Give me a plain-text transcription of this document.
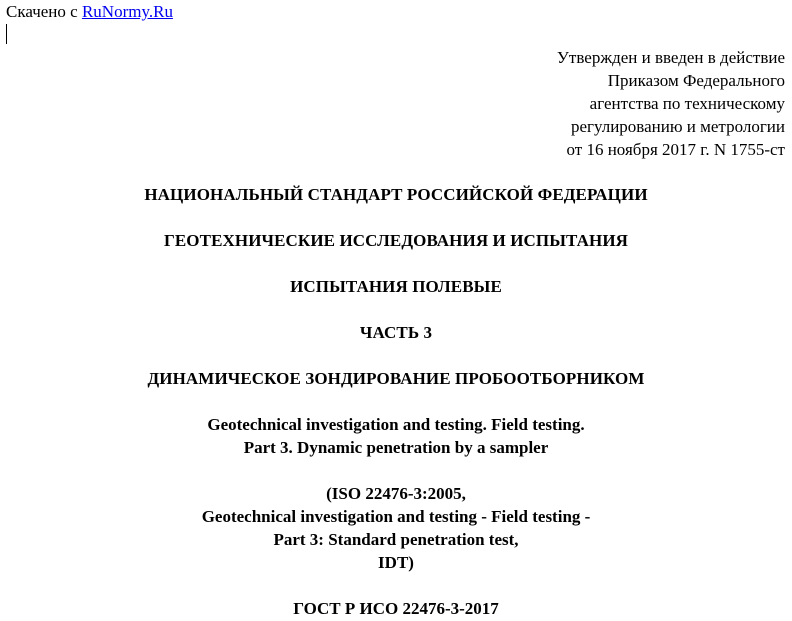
Скачено с RuNormy.Ru
Утвержден и введен в действие
Приказом Федерального
агентства по техническому
регулированию и метрологии
от 16 ноября 2017 г. N 1755-ст
НАЦИОНАЛЬНЫЙ СТАНДАРТ РОССИЙСКОЙ ФЕДЕРАЦИИ
ГЕОТЕХНИЧЕСКИЕ ИССЛЕДОВАНИЯ И ИСПЫТАНИЯ
ИСПЫТАНИЯ ПОЛЕВЫЕ
ЧАСТЬ 3
ДИНАМИЧЕСКОЕ ЗОНДИРОВАНИЕ ПРОБООТБОРНИКОМ
Geotechnical investigation and testing. Field testing.
Part 3. Dynamic penetration by a sampler
(ISO 22476-3:2005,
Geotechnical investigation and testing - Field testing -
Part 3: Standard penetration test,
IDT)
ГОСТ Р ИСО 22476-3-2017
